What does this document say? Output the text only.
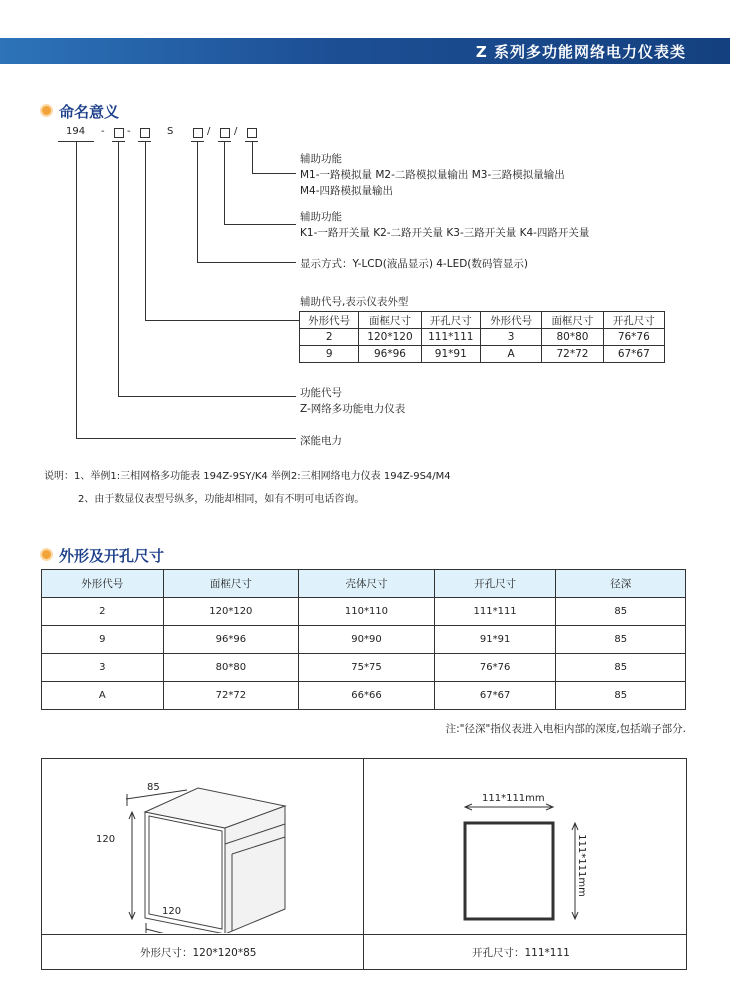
Z 系列多功能网络电力仪表类
命名意义
194 - -	S	/ /
辅助功能
M1-一路模拟量 M2-二路模拟量输出 M3-三路模拟量输出
M4-四路模拟量输出
辅助功能
K1-一路开关量 K2-二路开关量 K3-三路开关量 K4-四路开关量
显示方式：Y-LCD(液晶显示) 4-LED(数码管显示)
辅助代号,表示仪表外型
外形代号	面框尺寸	开孔尺寸	外形代号	面框尺寸	开孔尺寸
2	120*120	111*111	3	80*80	76*76
9	96*96	91*91	A	72*72	67*67
功能代号
Z-网络多功能电力仪表
深能电力
说明：1、举例1:三相网格多功能表 194Z-9SY/K4 举例2:三相网络电力仪表 194Z-9S4/M4
2、由于数显仪表型号纵多，功能却相同，如有不明可电话咨询。
外形及开孔尺寸
外形代号	面框尺寸	壳体尺寸	开孔尺寸	径深
2	120*120	110*110	111*111	85
9	96*96	90*90	91*91	85
3	80*80	75*75	76*76	85
A	72*72	66*66	67*67	85
注:"径深"指仪表进入电柜内部的深度,包括端子部分.
85
120
120
111*111mm
111*111mm
外形尺寸：120*120*85	开孔尺寸：111*111
